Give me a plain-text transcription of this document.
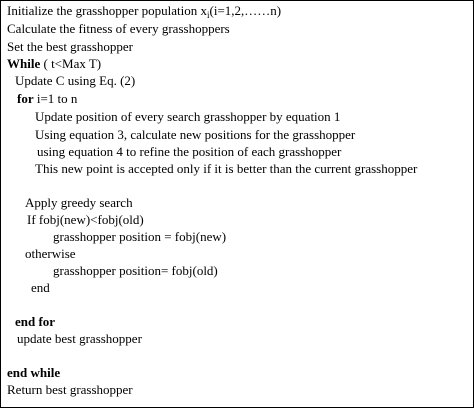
Initialize the grasshopper population $x_i(i=1,2,\dots\dots n)$
Calculate the fitness of every grasshoppers
Set the best grasshopper
While ( t<Max T)
Update C using Eq. (2)
for i=1 to n
Update position of every search grasshopper by equation 1
Using equation 3, calculate new positions for the grasshopper
using equation 4 to refine the position of each grasshopper
This new point is accepted only if it is better than the current grasshopper
Apply greedy search
If fobj(new)<fobj(old)
grasshopper position = fobj(new)
otherwise
grasshopper position= fobj(old)
end
end for
update best grasshopper
end while
Return best grasshopper
